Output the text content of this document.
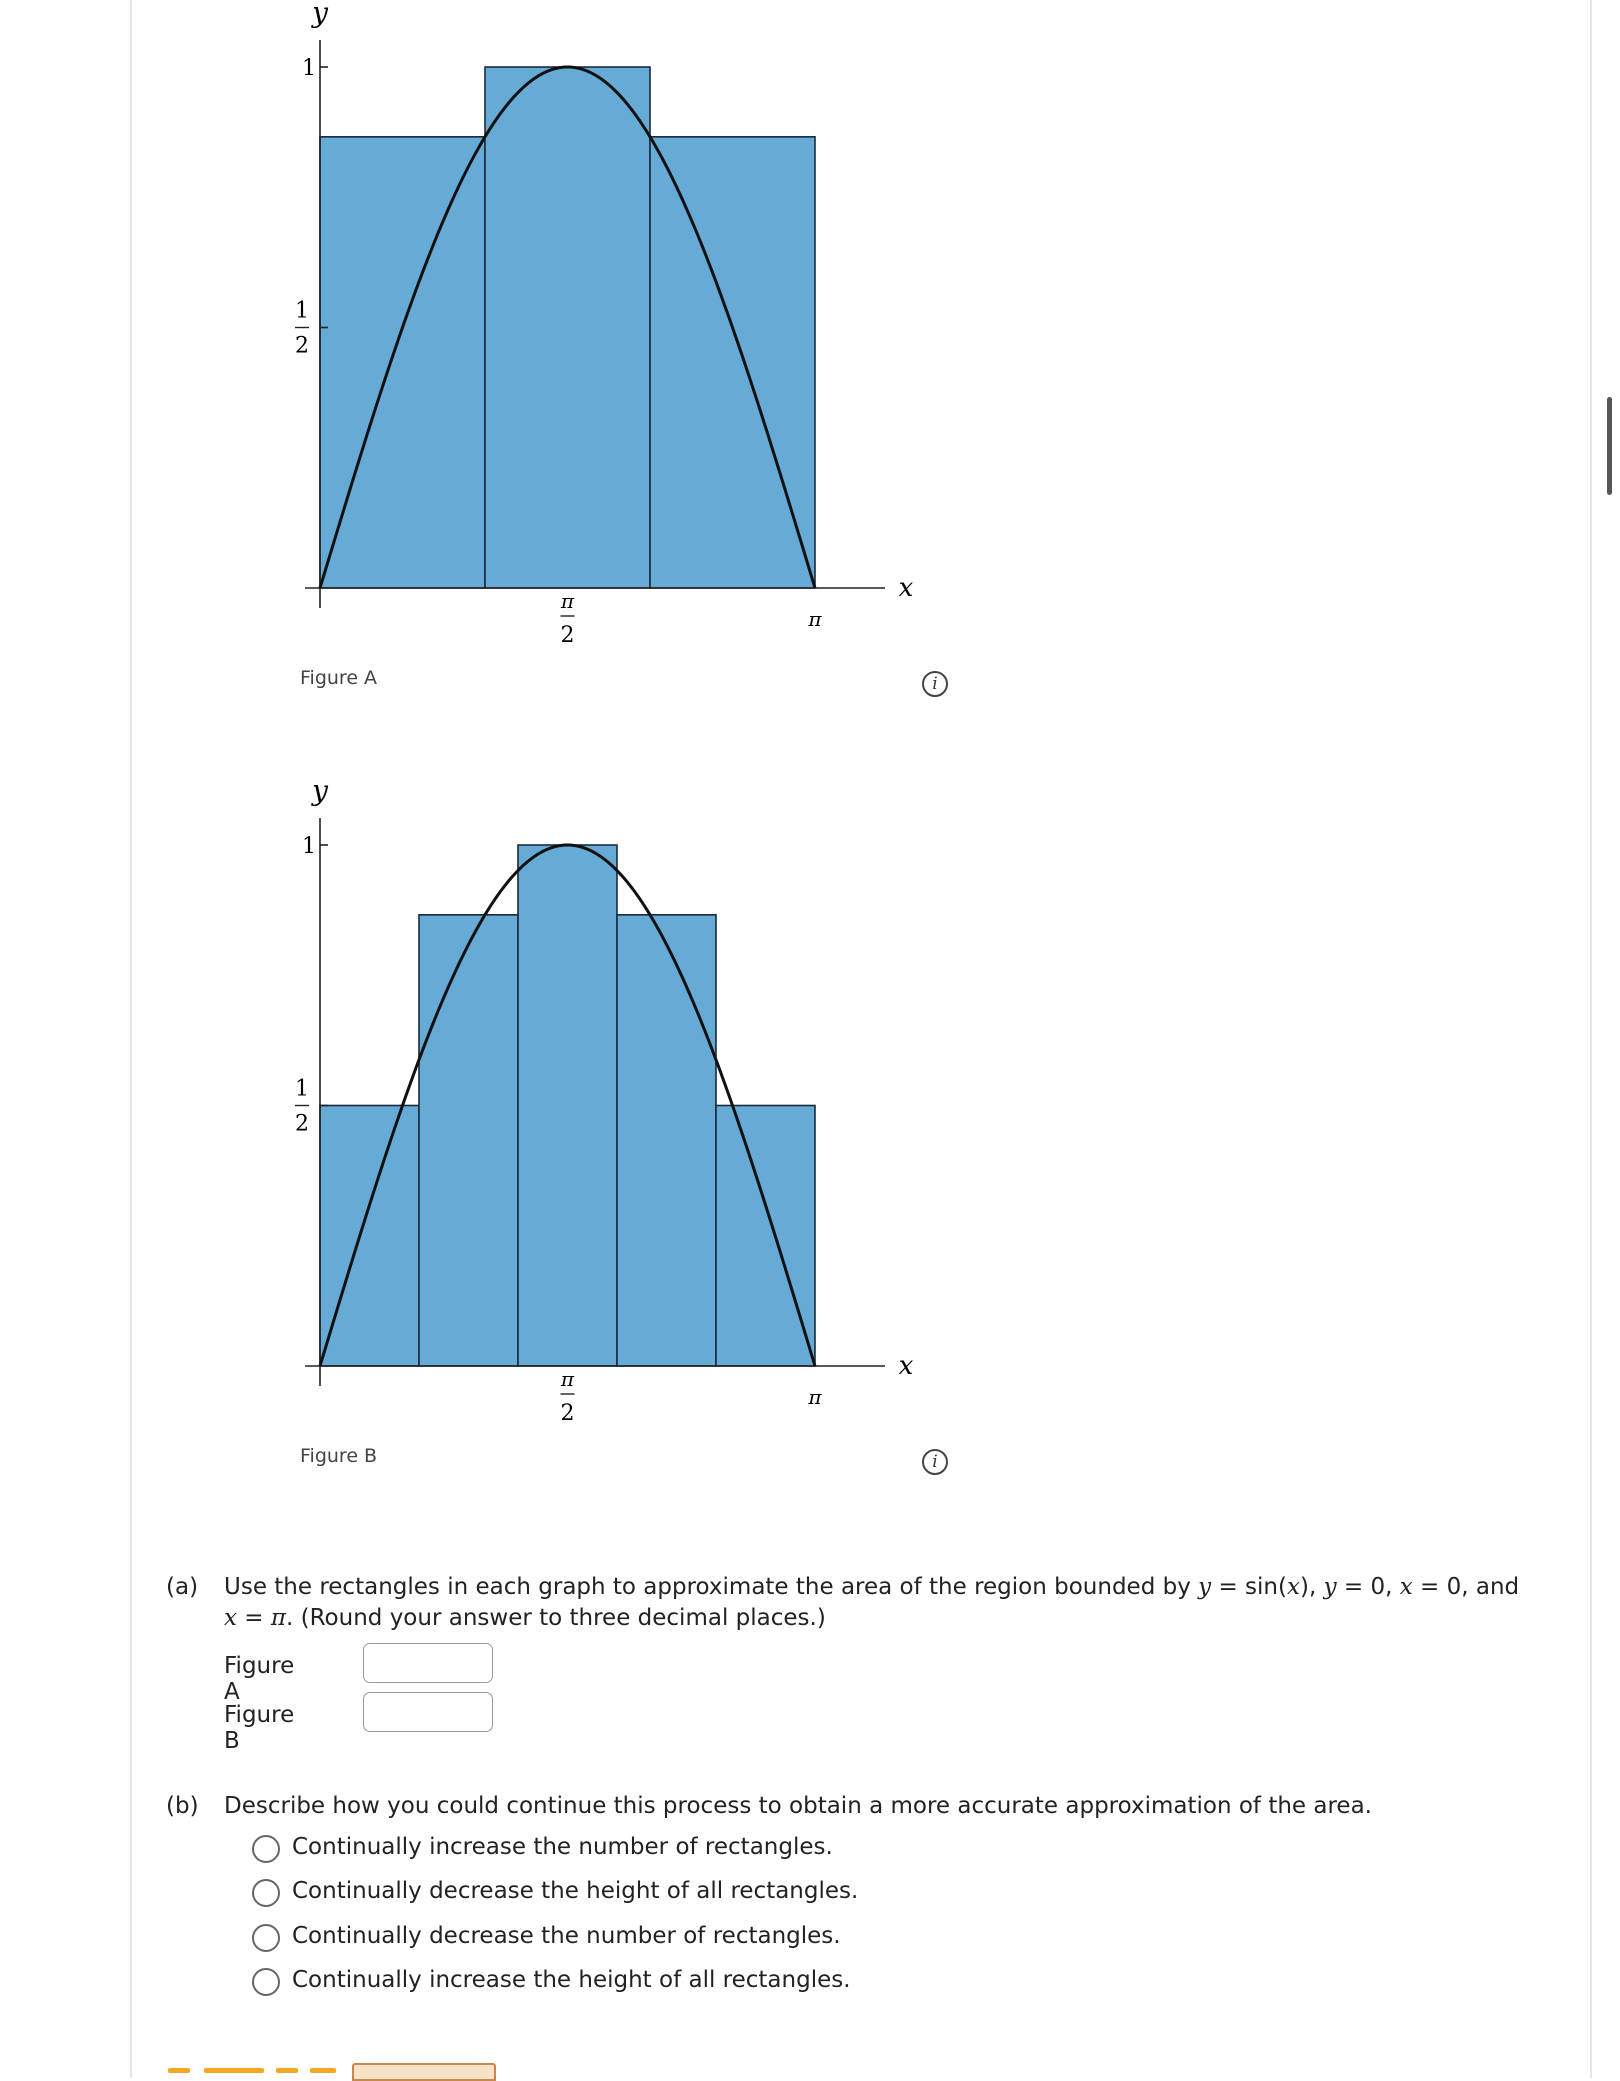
1
1
2
π
2
π
x
y
Figure A	i
1
1
2
π
2
π
x
y
Figure B	i
(a) Use the rectangles in each graph to approximate the area of the region bounded by y = sin(x), y = 0, x = 0, and
x = π. (Round your answer to three decimal places.)
Figure A
Figure B
(b) Describe how you could continue this process to obtain a more accurate approximation of the area.
Continually increase the number of rectangles.
Continually decrease the height of all rectangles.
Continually decrease the number of rectangles.
Continually increase the height of all rectangles.
